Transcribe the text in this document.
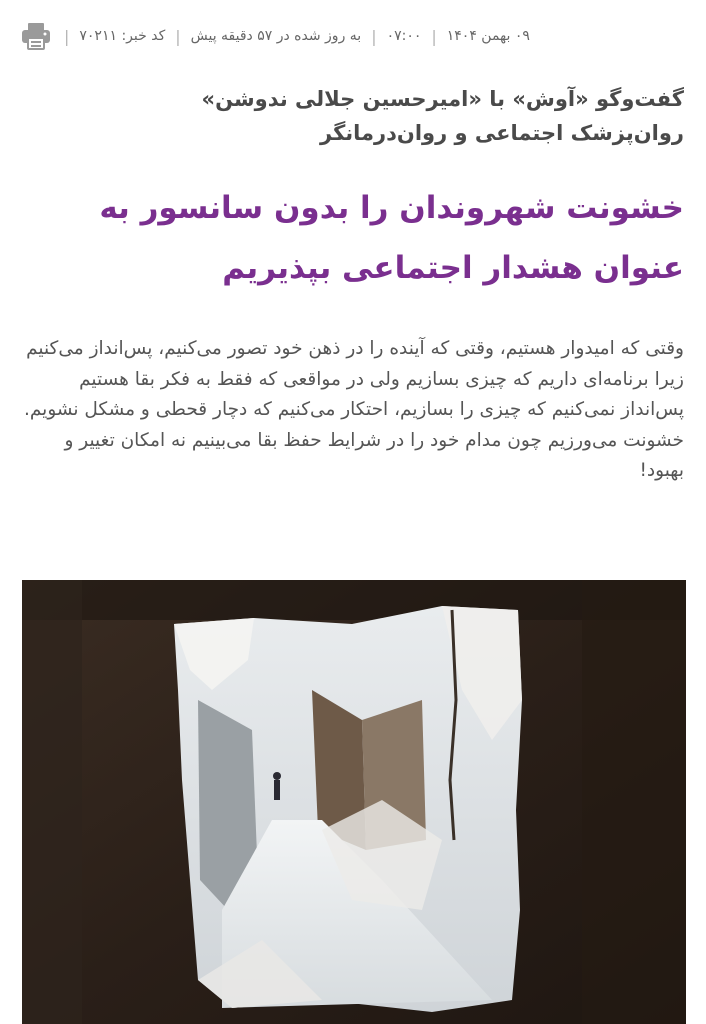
۰۹ بهمن ۱۴۰۴
|
۰۷:۰۰
|
به روز شده در ۵۷ دقیقه پیش
|
کد خبر: ۷۰۲۱۱
|
گفت‌وگو «آوش» با «امیرحسین جلالی ندوشن»
روان‌پزشک اجتماعی و روان‌درمانگر
خشونت شهروندان را بدون سانسور به
عنوان هشدار اجتماعی بپذیریم

وقتی که امیدوار هستیم، وقتی که آینده را در ذهن خود تصور می‌کنیم، پس‌انداز می‌کنیم زیرا برنامه‌ای داریم که چیزی بسازیم ولی در مواقعی که فقط به فکر بقا هستیم پس‌انداز نمی‌کنیم که چیزی را بسازیم، احتکار می‌کنیم که دچار قحطی و مشکل نشویم.

خشونت می‌ورزیم چون مدام خود را در شرایط حفظ بقا می‌بینیم نه امکان تغییر و بهبود!
